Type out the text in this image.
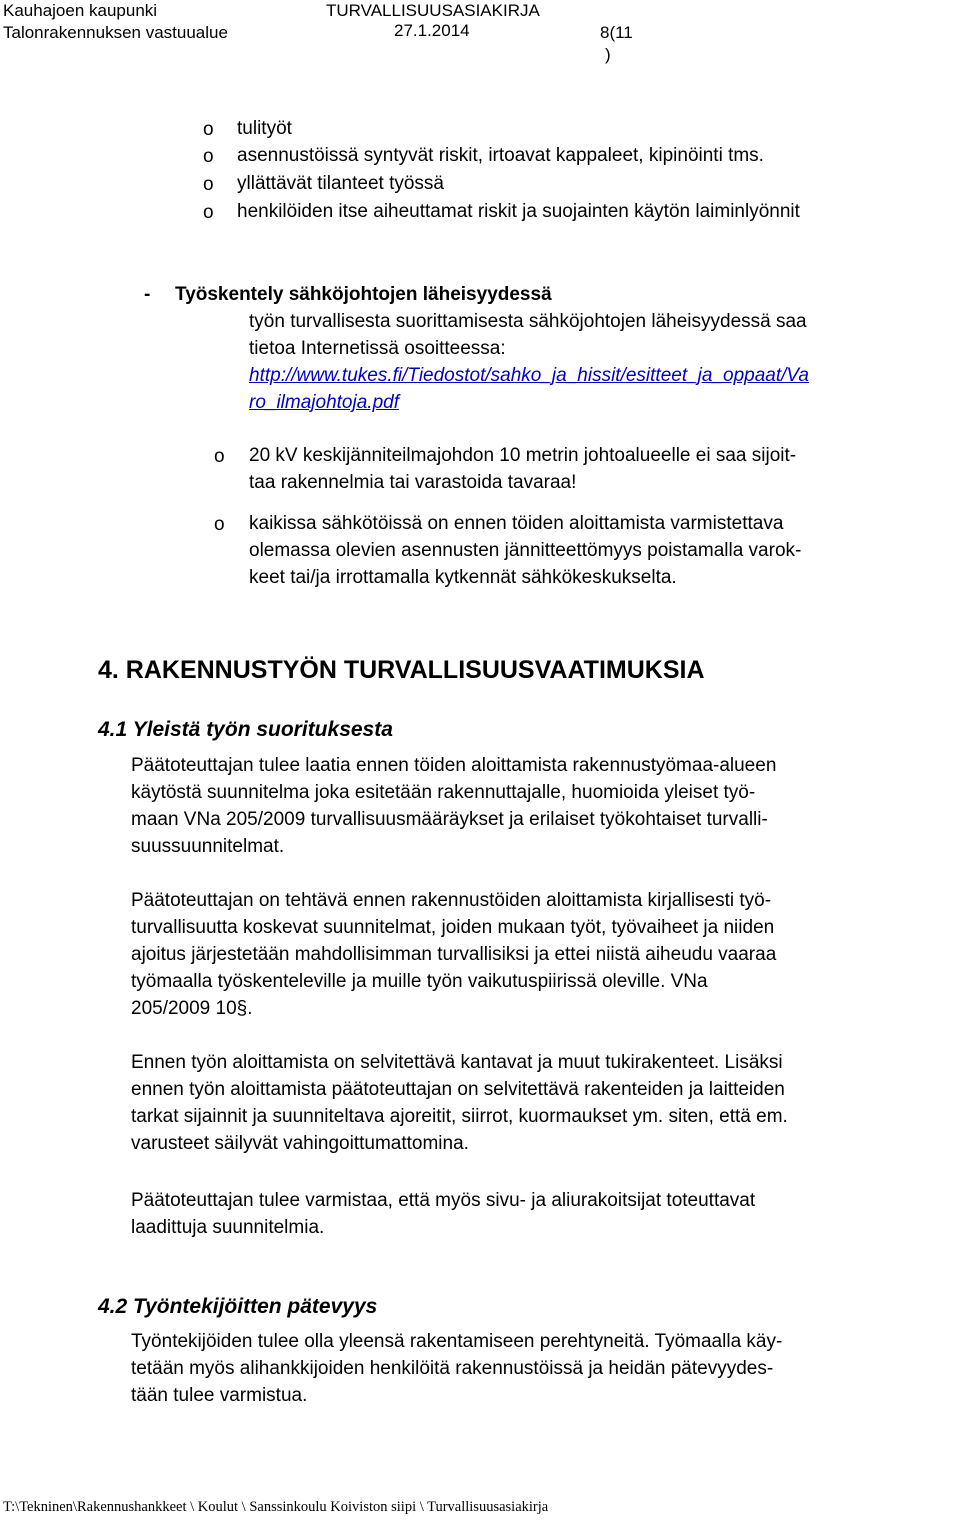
Kauhajoen kaupunki
Talonrakennuksen vastuualue
TURVALLISUUSASIAKIRJA
27.1.2014	8(11
)
o tulityöt
o asennustöissä syntyvät riskit, irtoavat kappaleet, kipinöinti tms.
o yllättävät tilanteet työssä
o henkilöiden itse aiheuttamat riskit ja suojainten käytön laiminlyönnit
- Työskentely sähköjohtojen läheisyydessä
työn turvallisesta suorittamisesta sähköjohtojen läheisyydessä saa
tietoa Internetissä osoitteessa:
http://www.tukes.fi/Tiedostot/sahko_ja_hissit/esitteet_ja_oppaat/Va
ro_ilmajohtoja.pdf
o 20 kV keskijänniteilmajohdon 10 metrin johtoalueelle ei saa sijoit-
taa rakennelmia tai varastoida tavaraa!
o kaikissa sähkötöissä on ennen töiden aloittamista varmistettava
olemassa olevien asennusten jännitteettömyys poistamalla varok-
keet tai/ja irrottamalla kytkennät sähkökeskukselta.
4. RAKENNUSTYÖN TURVALLISUUSVAATIMUKSIA
4.1 Yleistä työn suorituksesta
Päätoteuttajan tulee laatia ennen töiden aloittamista rakennustyömaa-alueen
käytöstä suunnitelma joka esitetään rakennuttajalle, huomioida yleiset työ-
maan VNa 205/2009 turvallisuusmääräykset ja erilaiset työkohtaiset turvalli-
suussuunnitelmat.
Päätoteuttajan on tehtävä ennen rakennustöiden aloittamista kirjallisesti työ-
turvallisuutta koskevat suunnitelmat, joiden mukaan työt, työvaiheet ja niiden
ajoitus järjestetään mahdollisimman turvallisiksi ja ettei niistä aiheudu vaaraa
työmaalla työskenteleville ja muille työn vaikutuspiirissä oleville. VNa
205/2009 10§.
Ennen työn aloittamista on selvitettävä kantavat ja muut tukirakenteet. Lisäksi
ennen työn aloittamista päätoteuttajan on selvitettävä rakenteiden ja laitteiden
tarkat sijainnit ja suunniteltava ajoreitit, siirrot, kuormaukset ym. siten, että em.
varusteet säilyvät vahingoittumattomina.
Päätoteuttajan tulee varmistaa, että myös sivu- ja aliurakoitsijat toteuttavat
laadittuja suunnitelmia.
4.2 Työntekijöitten pätevyys
Työntekijöiden tulee olla yleensä rakentamiseen perehtyneitä. Työmaalla käy-
tetään myös alihankkijoiden henkilöitä rakennustöissä ja heidän pätevyydes-
tään tulee varmistua.
T:\Tekninen\Rakennushankkeet \ Koulut \ Sanssinkoulu Koiviston siipi \ Turvallisuusasiakirja
